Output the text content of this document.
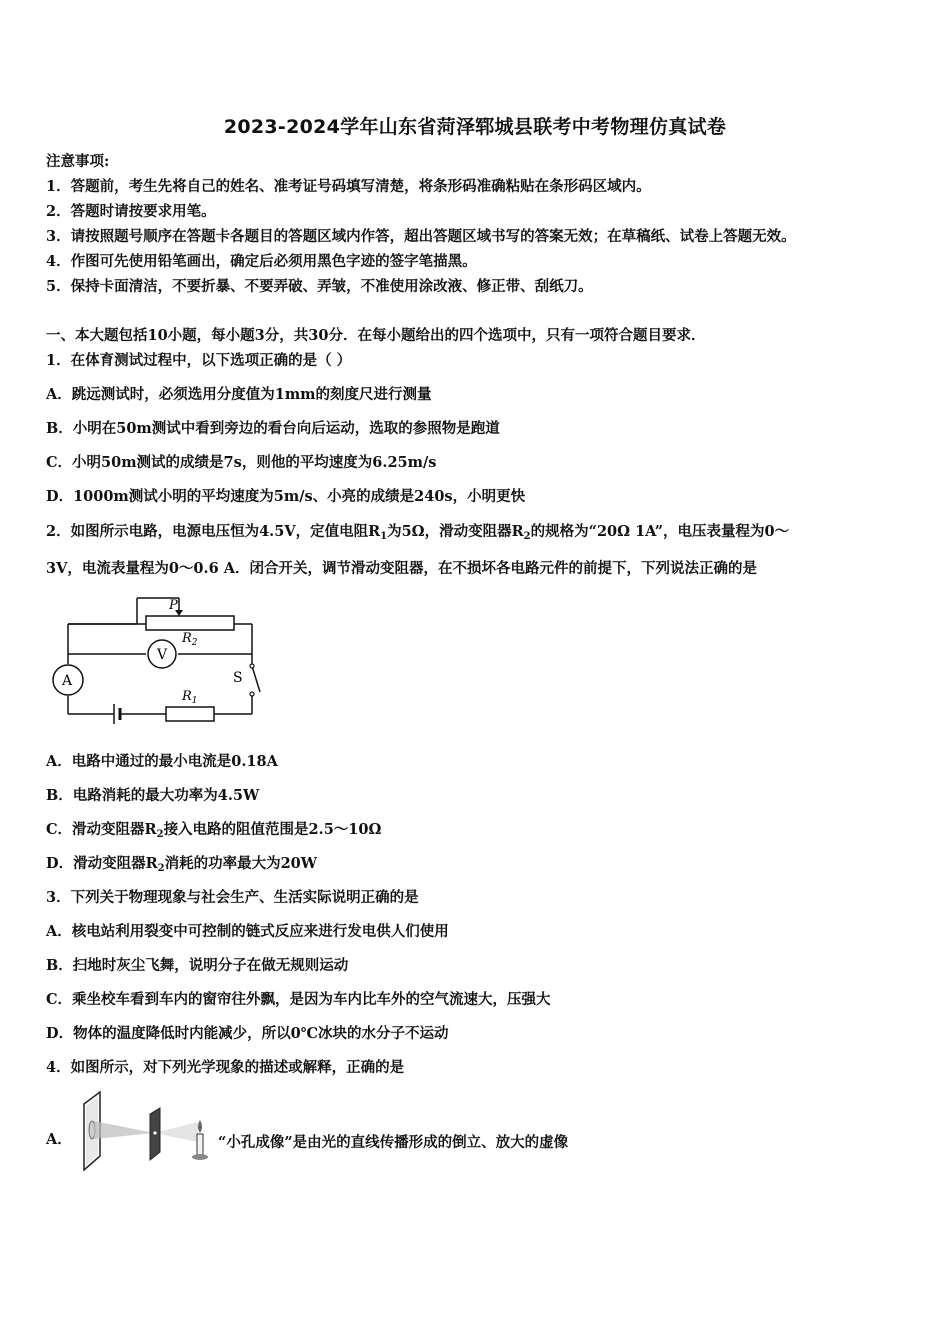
2023-2024学年山东省菏泽郓城县联考中考物理仿真试卷
注意事项:
1．答题前，考生先将自己的姓名、准考证号码填写清楚，将条形码准确粘贴在条形码区域内。
2．答题时请按要求用笔。
3．请按照题号顺序在答题卡各题目的答题区域内作答，超出答题区域书写的答案无效；在草稿纸、试卷上答题无效。
4．作图可先使用铅笔画出，确定后必须用黑色字迹的签字笔描黑。
5．保持卡面清洁，不要折暴、不要弄破、弄皱，不准使用涂改液、修正带、刮纸刀。
一、本大题包括10小题，每小题3分，共30分．在每小题给出的四个选项中，只有一项符合题目要求．
1．在体育测试过程中，以下选项正确的是（ ）
A．跳远测试时，必须选用分度值为1mm的刻度尺进行测量
B．小明在50m测试中看到旁边的看台向后运动，选取的参照物是跑道
C．小明50m测试的成绩是7s，则他的平均速度为6.25m/s
D．1000m测试小明的平均速度为5m/s、小亮的成绩是240s，小明更快
2．如图所示电路，电源电压恒为4.5V，定值电阻$R_1$为5Ω，滑动变阻器$R_2$的规格为“20Ω 1A”，电压表量程为0～
3V，电流表量程为0～0.6 A．闭合开关，调节滑动变阻器，在不损坏各电路元件的前提下，下列说法正确的是
P
$R_2$
V
A	S
$R_1$
A．电路中通过的最小电流是0.18A
B．电路消耗的最大功率为4.5W
C．滑动变阻器$R_2$接入电路的阻值范围是2.5～10Ω
D．滑动变阻器$R_2$消耗的功率最大为20W
3．下列关于物理现象与社会生产、生活实际说明正确的是
A．核电站利用裂变中可控制的链式反应来进行发电供人们使用
B．扫地时灰尘飞舞，说明分子在做无规则运动
C．乘坐校车看到车内的窗帘往外飘，是因为车内比车外的空气流速大，压强大
D．物体的温度降低时内能减少，所以0℃冰块的水分子不运动
4．如图所示，对下列光学现象的描述或解释，正确的是
A．	“小孔成像”是由光的直线传播形成的倒立、放大的虚像
